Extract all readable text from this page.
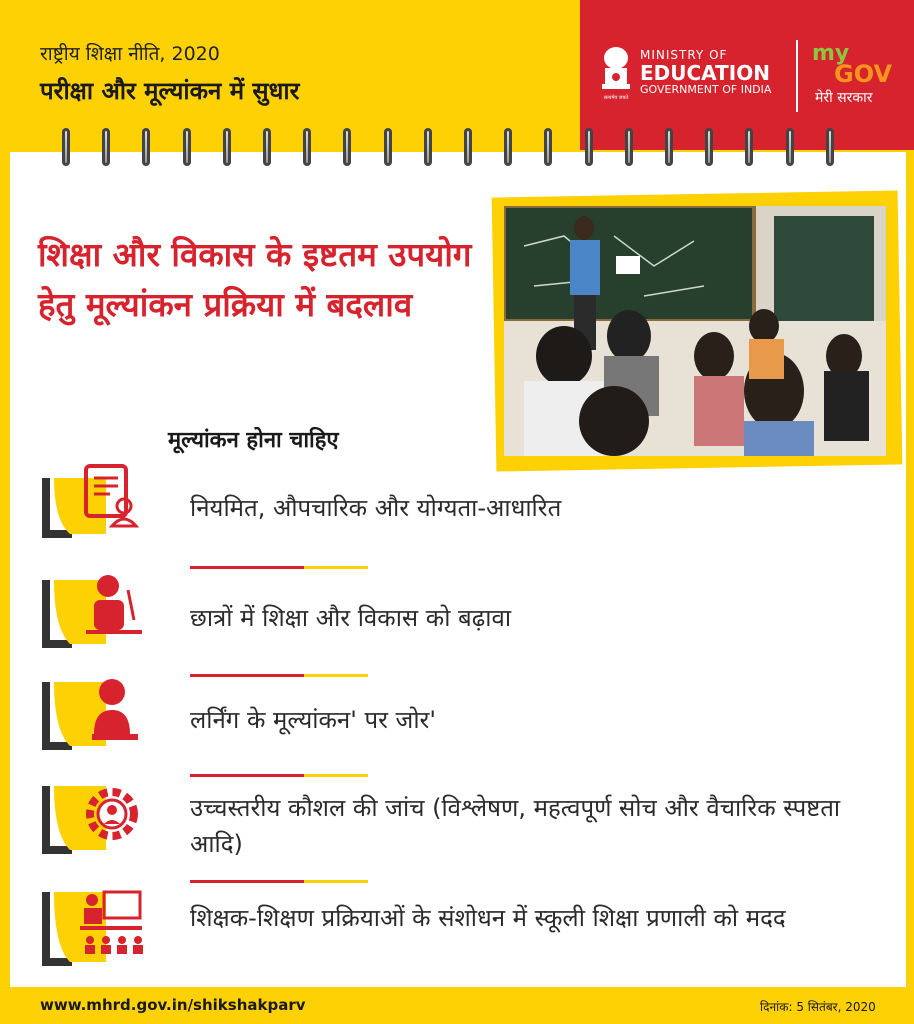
राष्ट्रीय शिक्षा नीति, 2020
परीक्षा और मूल्यांकन में सुधार	सत्यमेव जयते
MINISTRY OF
EDUCATION
GOVERNMENT OF INDIA
my
GOV
मेरी सरकार
शिक्षा और विकास के इष्टतम उपयोग हेतु मूल्यांकन प्रक्रिया में बदलाव
मूल्यांकन होना चाहिए
नियमित, औपचारिक और योग्यता-आधारित
छात्रों में शिक्षा और विकास को बढ़ावा
लर्निंग के मूल्यांकन' पर जोर'
उच्चस्तरीय कौशल की जांच (विश्लेषण, महत्वपूर्ण सोच और वैचारिक स्पष्टता आदि)
शिक्षक-शिक्षण प्रक्रियाओं के संशोधन में स्कूली शिक्षा प्रणाली को मदद
www.mhrd.gov.in/shikshakparv	दिनांक: 5 सितंबर, 2020
